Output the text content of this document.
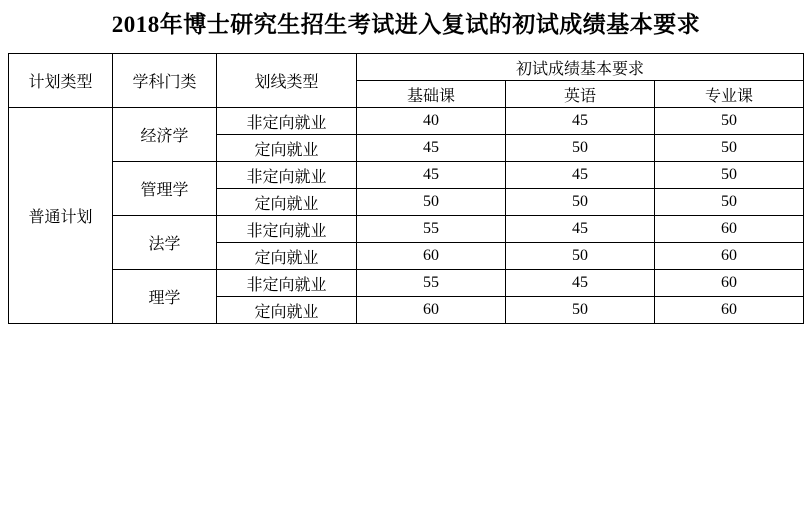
2018年博士研究生招生考试进入复试的初试成绩基本要求
计划类型	学科门类	划线类型	初试成绩基本要求		
			基础课	英语	专业课
普通计划	经济学	非定向就业	40	45	50
		定向就业	45	50	50
	管理学	非定向就业	45	45	50
		定向就业	50	50	50
	法学	非定向就业	55	45	60
		定向就业	60	50	60
	理学	非定向就业	55	45	60
		定向就业	60	50	60
